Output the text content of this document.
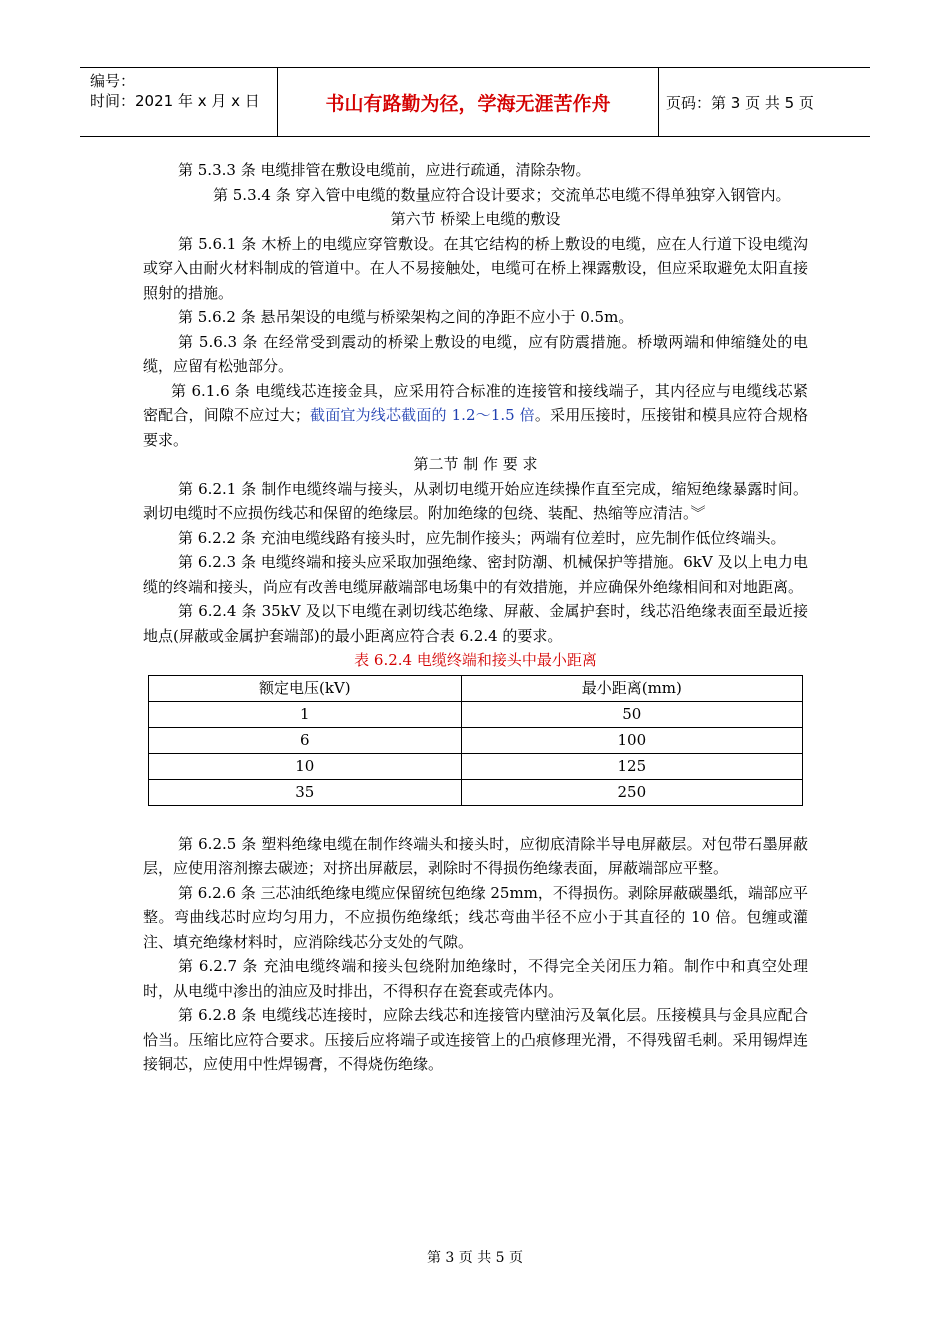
编号：
时间：2021 年 x 月 x 日	书山有路勤为径，学海无涯苦作舟	页码：第 3 页 共 5 页

第 5.3.3 条 电缆排管在敷设电缆前，应进行疏通，清除杂物。

第 5.3.4 条 穿入管中电缆的数量应符合设计要求；交流单芯电缆不得单独穿入钢管内。

第六节 桥梁上电缆的敷设

第 5.6.1 条 木桥上的电缆应穿管敷设。在其它结构的桥上敷设的电缆，应在人行道下设电缆沟或穿入由耐火材料制成的管道中。在人不易接触处，电缆可在桥上裸露敷设，但应采取避免太阳直接照射的措施。

第 5.6.2 条 悬吊架设的电缆与桥梁架构之间的净距不应小于 0.5m。

第 5.6.3 条 在经常受到震动的桥梁上敷设的电缆，应有防震措施。桥墩两端和伸缩缝处的电缆，应留有松弛部分。

第 6.1.6 条 电缆线芯连接金具，应采用符合标准的连接管和接线端子，其内径应与电缆线芯紧密配合，间隙不应过大；截面宜为线芯截面的 1.2～1.5 倍。采用压接时，压接钳和模具应符合规格要求。

第二节 制 作 要 求

第 6.2.1 条 制作电缆终端与接头，从剥切电缆开始应连续操作直至完成，缩短绝缘暴露时间。剥切电缆时不应损伤线芯和保留的绝缘层。附加绝缘的包绕、装配、热缩等应清洁。︾

第 6.2.2 条 充油电缆线路有接头时，应先制作接头；两端有位差时，应先制作低位终端头。

第 6.2.3 条 电缆终端和接头应采取加强绝缘、密封防潮、机械保护等措施。6kV 及以上电力电缆的终端和接头，尚应有改善电缆屏蔽端部电场集中的有效措施，并应确保外绝缘相间和对地距离。

第 6.2.4 条 35kV 及以下电缆在剥切线芯绝缘、屏蔽、金属护套时，线芯沿绝缘表面至最近接地点(屏蔽或金属护套端部)的最小距离应符合表 6.2.4 的要求。

表 6.2.4 电缆终端和接头中最小距离

额定电压(kV)	最小距离(mm)
1	50
6	100
10	125
35	250

第 6.2.5 条 塑料绝缘电缆在制作终端头和接头时，应彻底清除半导电屏蔽层。对包带石墨屏蔽层，应使用溶剂擦去碳迹；对挤出屏蔽层，剥除时不得损伤绝缘表面，屏蔽端部应平整。

第 6.2.6 条 三芯油纸绝缘电缆应保留统包绝缘 25mm，不得损伤。剥除屏蔽碳墨纸，端部应平整。弯曲线芯时应均匀用力，不应损伤绝缘纸；线芯弯曲半径不应小于其直径的 10 倍。包缠或灌注、填充绝缘材料时，应消除线芯分支处的气隙。

第 6.2.7 条 充油电缆终端和接头包绕附加绝缘时，不得完全关闭压力箱。制作中和真空处理时，从电缆中渗出的油应及时排出，不得积存在瓷套或壳体内。

第 6.2.8 条 电缆线芯连接时，应除去线芯和连接管内壁油污及氧化层。压接模具与金具应配合恰当。压缩比应符合要求。压接后应将端子或连接管上的凸痕修理光滑，不得残留毛刺。采用锡焊连接铜芯，应使用中性焊锡膏，不得烧伤绝缘。

第 3 页 共 5 页
